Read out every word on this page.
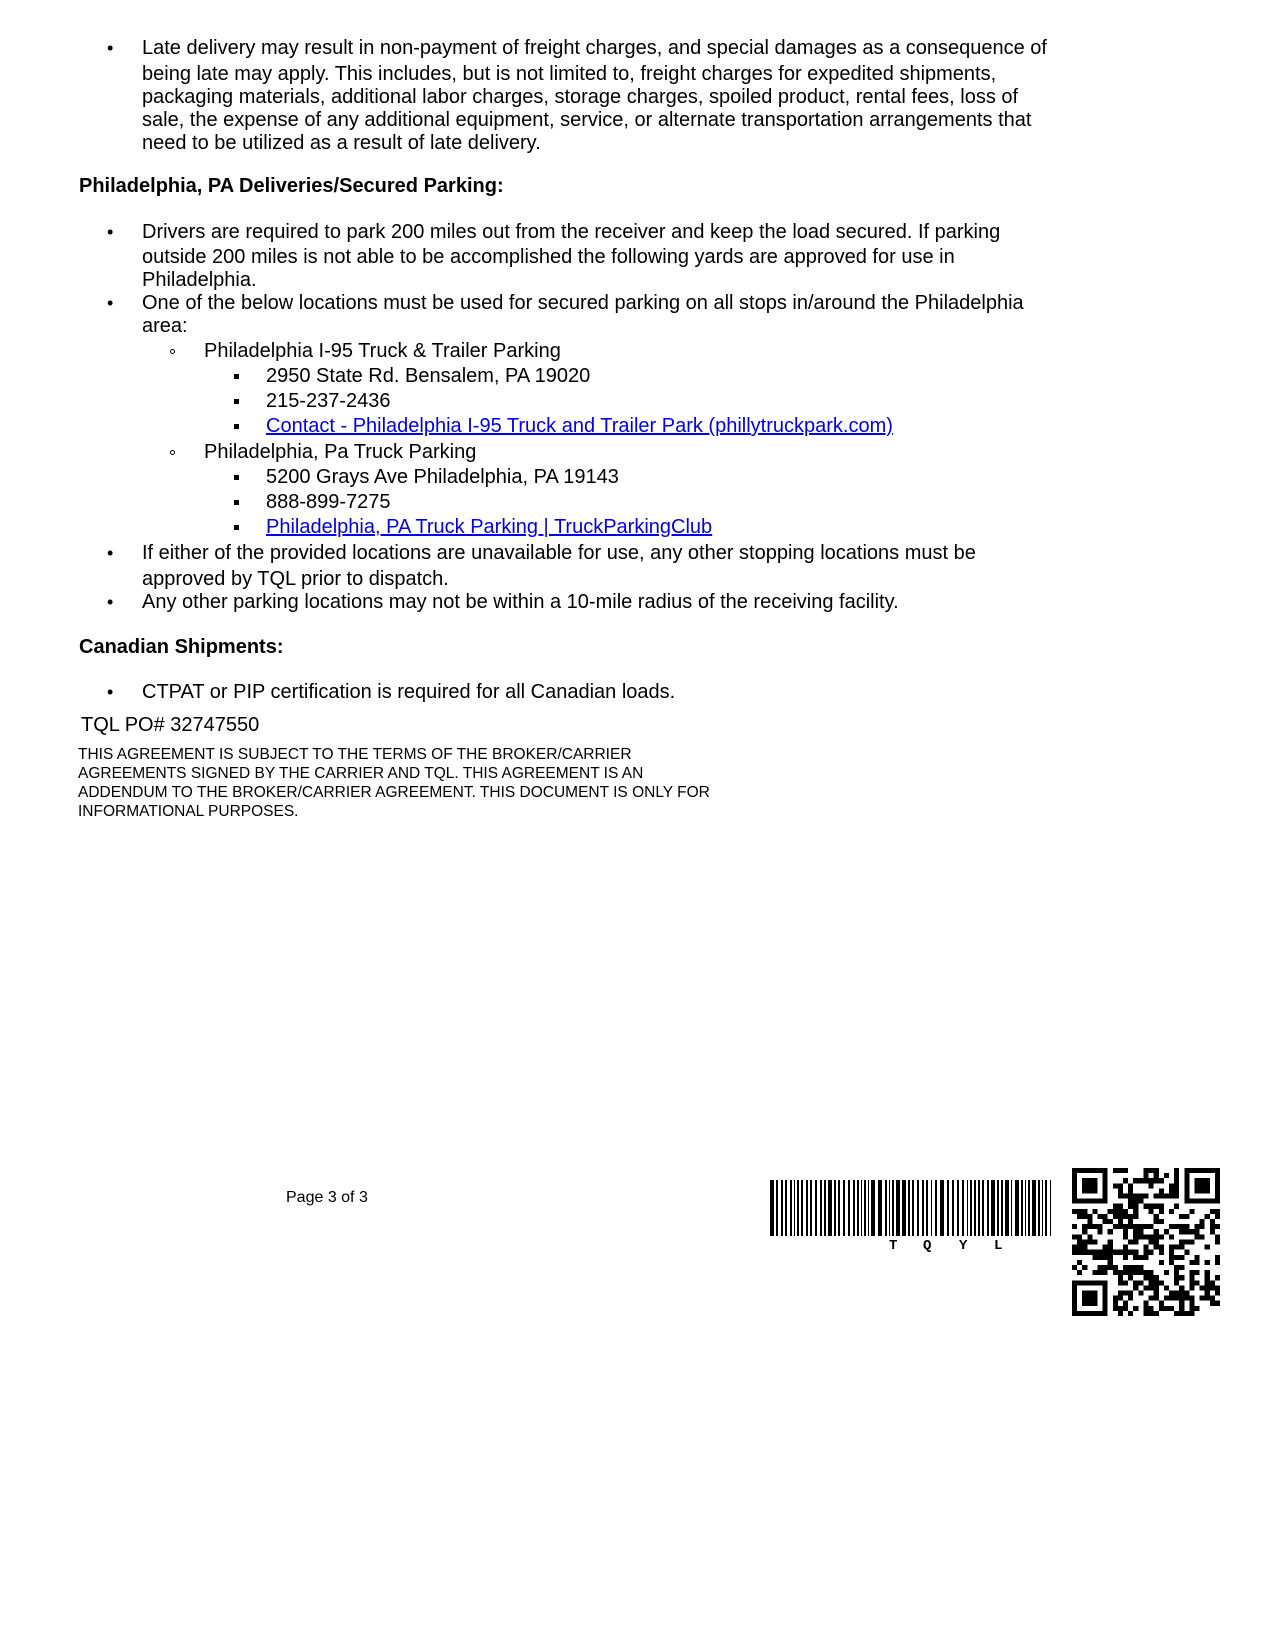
• Late delivery may result in non-payment of freight charges, and special damages as a consequence of

being late may apply. This includes, but is not limited to, freight charges for expedited shipments,

packaging materials, additional labor charges, storage charges, spoiled product, rental fees, loss of

sale, the expense of any additional equipment, service, or alternate transportation arrangements that

need to be utilized as a result of late delivery.

Philadelphia, PA Deliveries/Secured Parking:

• Drivers are required to park 200 miles out from the receiver and keep the load secured. If parking

outside 200 miles is not able to be accomplished the following yards are approved for use in

Philadelphia.

• One of the below locations must be used for secured parking on all stops in/around the Philadelphia

area:

Philadelphia I-95 Truck & Trailer Parking

2950 State Rd. Bensalem, PA 19020

215-237-2436

Contact - Philadelphia I-95 Truck and Trailer Park (phillytruckpark.com)

Philadelphia, Pa Truck Parking

5200 Grays Ave Philadelphia, PA 19143

888-899-7275

Philadelphia, PA Truck Parking | TruckParkingClub

• If either of the provided locations are unavailable for use, any other stopping locations must be

approved by TQL prior to dispatch.

• Any other parking locations may not be within a 10-mile radius of the receiving facility.

Canadian Shipments:

• CTPAT or PIP certification is required for all Canadian loads.

TQL PO# 32747550

THIS AGREEMENT IS SUBJECT TO THE TERMS OF THE BROKER/CARRIER

AGREEMENTS SIGNED BY THE CARRIER AND TQL. THIS AGREEMENT IS AN

ADDENDUM TO THE BROKER/CARRIER AGREEMENT. THIS DOCUMENT IS ONLY FOR

INFORMATIONAL PURPOSES.

Page 3 of 3

T Q Y L
